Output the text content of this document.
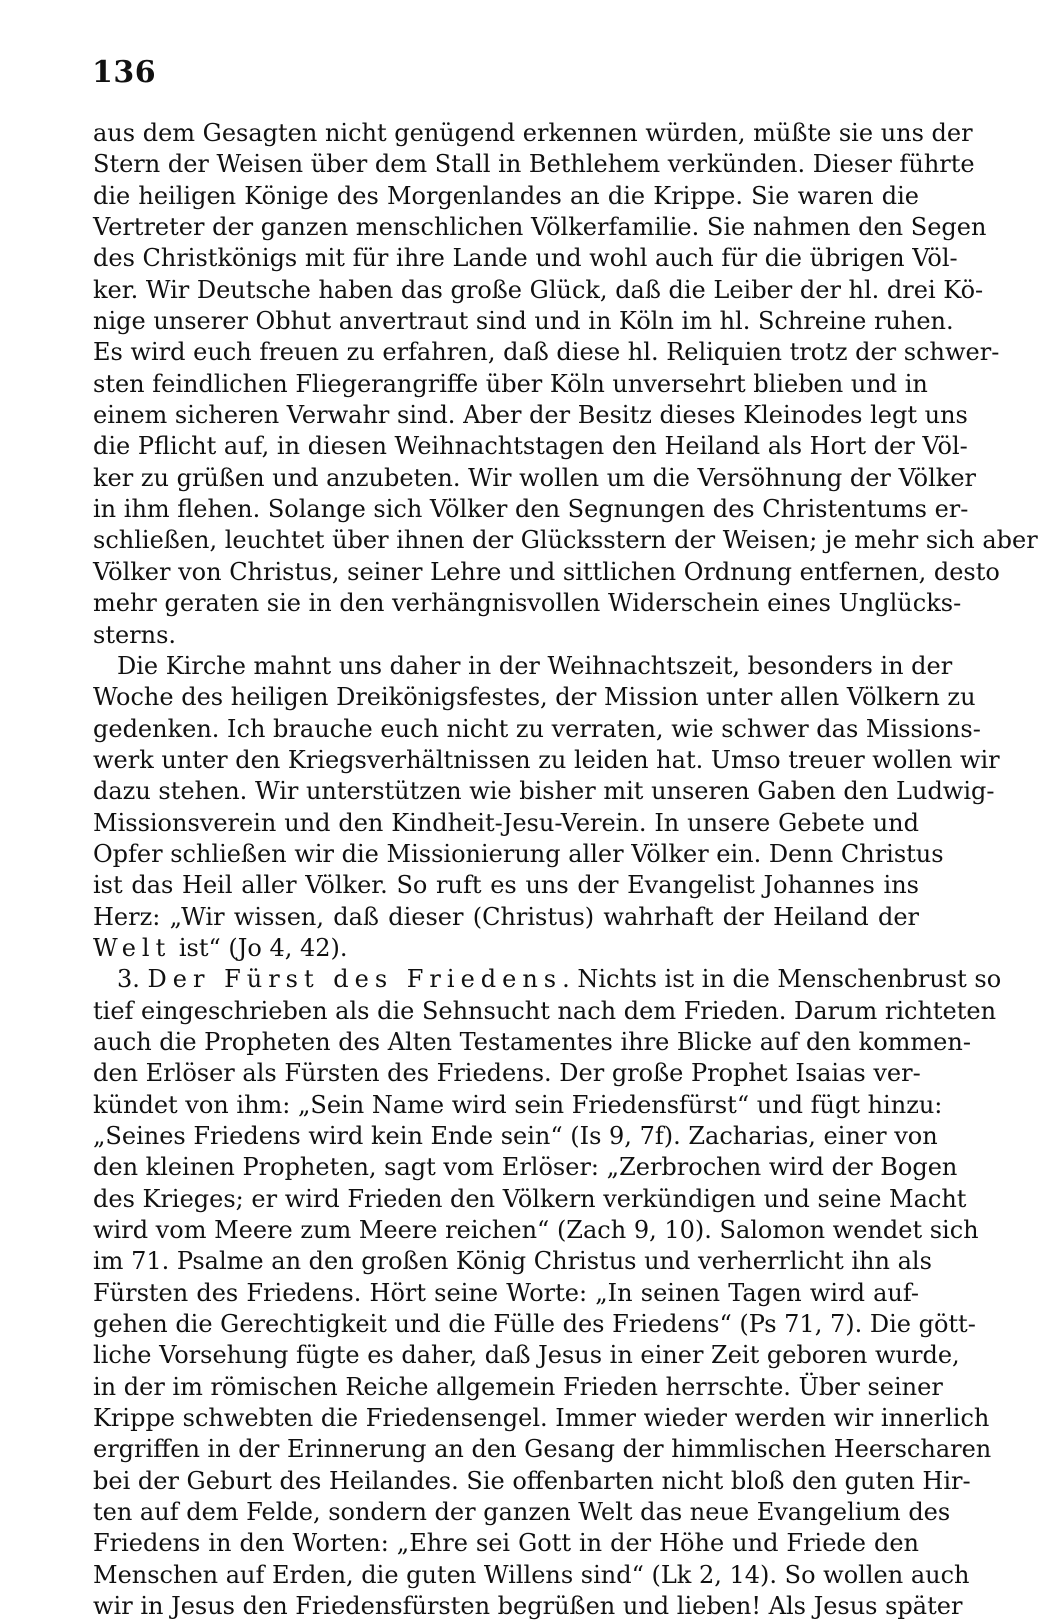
136
aus dem Gesagten nicht genügend erkennen würden, müßte sie uns der
Stern der Weisen über dem Stall in Bethlehem verkünden. Dieser führte
die heiligen Könige des Morgenlandes an die Krippe. Sie waren die
Vertreter der ganzen menschlichen Völkerfamilie. Sie nahmen den Segen
des Christkönigs mit für ihre Lande und wohl auch für die übrigen Völ-
ker. Wir Deutsche haben das große Glück, daß die Leiber der hl. drei Kö-
nige unserer Obhut anvertraut sind und in Köln im hl. Schreine ruhen.
Es wird euch freuen zu erfahren, daß diese hl. Reliquien trotz der schwer-
sten feindlichen Fliegerangriffe über Köln unversehrt blieben und in
einem sicheren Verwahr sind. Aber der Besitz dieses Kleinodes legt uns
die Pflicht auf, in diesen Weihnachtstagen den Heiland als Hort der Völ-
ker zu grüßen und anzubeten. Wir wollen um die Versöhnung der Völker
in ihm flehen. Solange sich Völker den Segnungen des Christentums er-
schließen, leuchtet über ihnen der Glücksstern der Weisen; je mehr sich aber
Völker von Christus, seiner Lehre und sittlichen Ordnung entfernen, desto
mehr geraten sie in den verhängnisvollen Widerschein eines Unglücks-
sterns.
Die Kirche mahnt uns daher in der Weihnachtszeit, besonders in der
Woche des heiligen Dreikönigsfestes, der Mission unter allen Völkern zu
gedenken. Ich brauche euch nicht zu verraten, wie schwer das Missions-
werk unter den Kriegsverhältnissen zu leiden hat. Umso treuer wollen wir
dazu stehen. Wir unterstützen wie bisher mit unseren Gaben den Ludwig-
Missionsverein und den Kindheit-Jesu-Verein. In unsere Gebete und
Opfer schließen wir die Missionierung aller Völker ein. Denn Christus
ist das Heil aller Völker. So ruft es uns der Evangelist Johannes ins
Herz: „Wir wissen, daß dieser (Christus) wahrhaft der Heiland der
Welt ist“ (Jo 4, 42).
3. Der Fürst des Friedens. Nichts ist in die Menschenbrust so
tief eingeschrieben als die Sehnsucht nach dem Frieden. Darum richteten
auch die Propheten des Alten Testamentes ihre Blicke auf den kommen-
den Erlöser als Fürsten des Friedens. Der große Prophet Isaias ver-
kündet von ihm: „Sein Name wird sein Friedensfürst“ und fügt hinzu:
„Seines Friedens wird kein Ende sein“ (Is 9, 7f). Zacharias, einer von
den kleinen Propheten, sagt vom Erlöser: „Zerbrochen wird der Bogen
des Krieges; er wird Frieden den Völkern verkündigen und seine Macht
wird vom Meere zum Meere reichen“ (Zach 9, 10). Salomon wendet sich
im 71. Psalme an den großen König Christus und verherrlicht ihn als
Fürsten des Friedens. Hört seine Worte: „In seinen Tagen wird auf-
gehen die Gerechtigkeit und die Fülle des Friedens“ (Ps 71, 7). Die gött-
liche Vorsehung fügte es daher, daß Jesus in einer Zeit geboren wurde,
in der im römischen Reiche allgemein Frieden herrschte. Über seiner
Krippe schwebten die Friedensengel. Immer wieder werden wir innerlich
ergriffen in der Erinnerung an den Gesang der himmlischen Heerscharen
bei der Geburt des Heilandes. Sie offenbarten nicht bloß den guten Hir-
ten auf dem Felde, sondern der ganzen Welt das neue Evangelium des
Friedens in den Worten: „Ehre sei Gott in der Höhe und Friede den
Menschen auf Erden, die guten Willens sind“ (Lk 2, 14). So wollen auch
wir in Jesus den Friedensfürsten begrüßen und lieben! Als Jesus später
